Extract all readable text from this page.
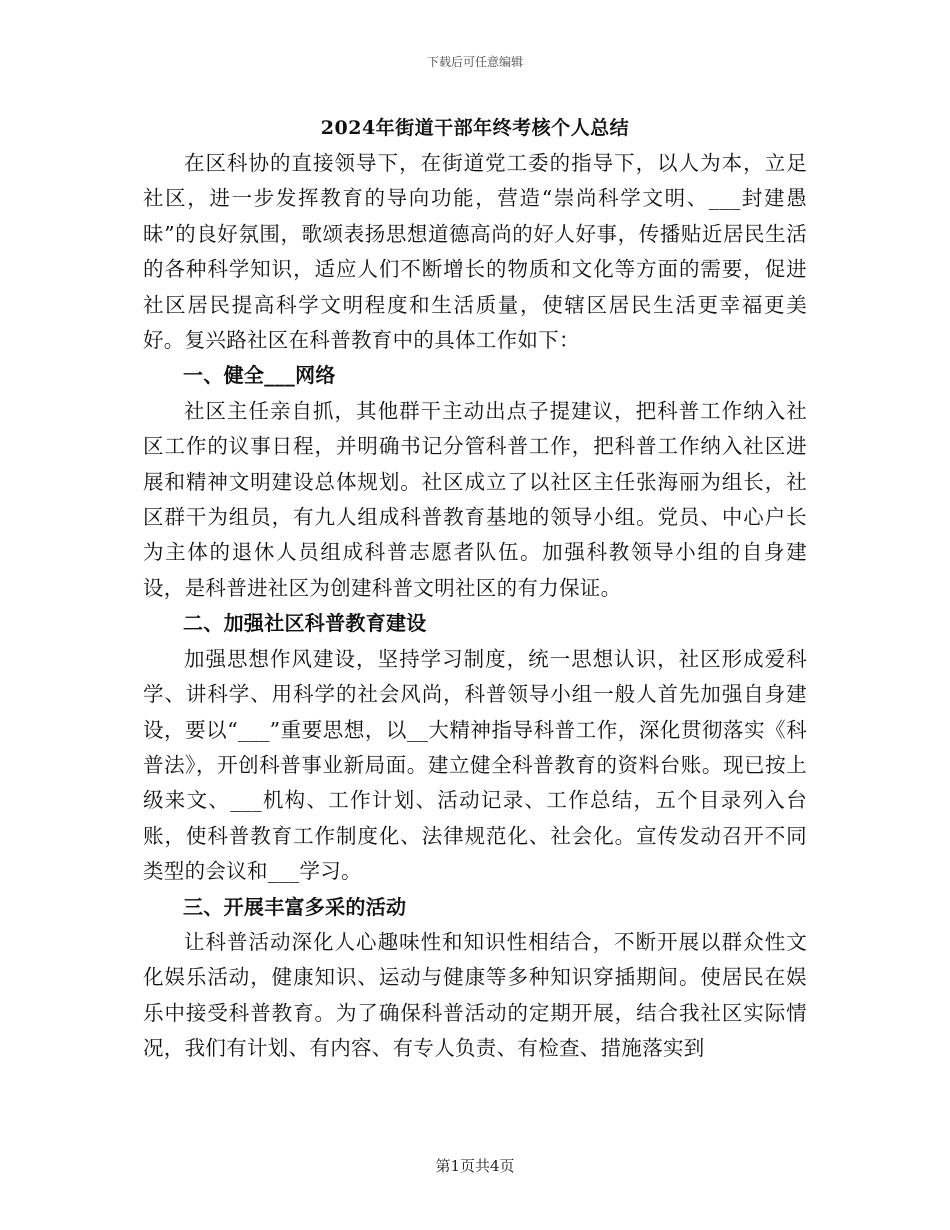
下载后可任意编辑
2024年街道干部年终考核个人总结

在区科协的直接领导下，在街道党工委的指导下，以人为本，立足社区，进一步发挥教育的导向功能，营造“崇尚科学文明、___封建愚昧”的良好氛围，歌颂表扬思想道德高尚的好人好事，传播贴近居民生活的各种科学知识，适应人们不断增长的物质和文化等方面的需要，促进社区居民提高科学文明程度和生活质量，使辖区居民生活更幸福更美好。复兴路社区在科普教育中的具体工作如下：

一、健全___网络

社区主任亲自抓，其他群干主动出点子提建议，把科普工作纳入社区工作的议事日程，并明确书记分管科普工作，把科普工作纳入社区进展和精神文明建设总体规划。社区成立了以社区主任张海丽为组长，社区群干为组员，有九人组成科普教育基地的领导小组。党员、中心户长为主体的退休人员组成科普志愿者队伍。加强科教领导小组的自身建设，是科普进社区为创建科普文明社区的有力保证。

二、加强社区科普教育建设

加强思想作风建设，坚持学习制度，统一思想认识，社区形成爱科学、讲科学、用科学的社会风尚，科普领导小组一般人首先加强自身建设，要以“___”重要思想，以__大精神指导科普工作，深化贯彻落实《科普法》，开创科普事业新局面。建立健全科普教育的资料台账。现已按上级来文、___机构、工作计划、活动记录、工作总结，五个目录列入台账，使科普教育工作制度化、法律规范化、社会化。宣传发动召开不同类型的会议和___学习。

三、开展丰富多采的活动

让科普活动深化人心趣味性和知识性相结合，不断开展以群众性文化娱乐活动，健康知识、运动与健康等多种知识穿插期间。使居民在娱乐中接受科普教育。为了确保科普活动的定期开展，结合我社区实际情况，我们有计划、有内容、有专人负责、有检查、措施落实到

第1页共4页
